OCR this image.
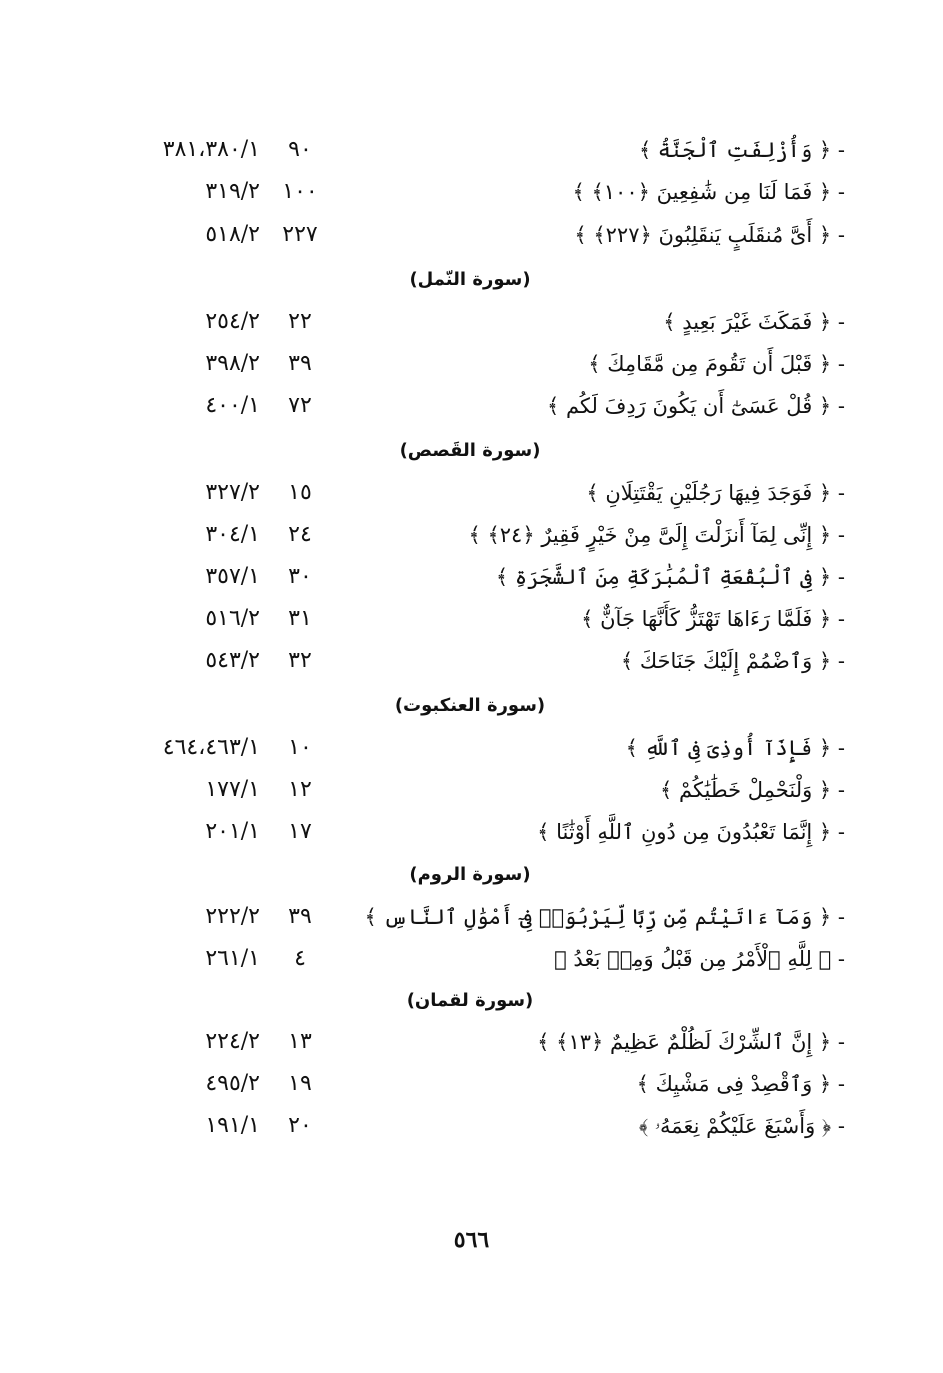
- ﴿ وَأُزْلِفَتِ ٱلْجَنَّةُ ﴾
٩٠
٣٨١،٣٨٠/١
- ﴿ فَمَا لَنَا مِن شَٰفِعِينَ ﴿١٠٠﴾ ﴾
١٠٠
٣١٩/٢
- ﴿ أَىَّ مُنقَلَبٍ يَنقَلِبُونَ ﴿٢٢٧﴾ ﴾
٢٢٧
٥١٨/٢
(سورة النّمل)
- ﴿ فَمَكَثَ غَيْرَ بَعِيدٍ ﴾
٢٢
٢٥٤/٢
- ﴿ قَبْلَ أَن تَقُومَ مِن مَّقَامِكَ ﴾
٣٩
٣٩٨/٢
- ﴿ قُلْ عَسَىٰٓ أَن يَكُونَ رَدِفَ لَكُم ﴾
٧٢
٤٠٠/١
(سورة القَصص)
- ﴿ فَوَجَدَ فِيهَا رَجُلَيْنِ يَقْتَتِلَانِ ﴾
١٥
٣٢٧/٢
- ﴿ إِنِّى لِمَآ أَنزَلْتَ إِلَىَّ مِنْ خَيْرٍ فَقِيرٌ ﴿٢٤﴾ ﴾
٢٤
٣٠٤/١
- ﴿ فِى ٱلْبُقْعَةِ ٱلْمُبَٰرَكَةِ مِنَ ٱلشَّجَرَةِ ﴾
٣٠
٣٥٧/١
- ﴿ فَلَمَّا رَءَاهَا تَهْتَزُّ كَأَنَّهَا جَآنٌّ ﴾
٣١
٥١٦/٢
- ﴿ وَٱضْمُمْ إِلَيْكَ جَنَاحَكَ ﴾
٣٢
٥٤٣/٢
(سورة العنكبوت)
- ﴿ فَإِذَآ أُوذِىَ فِى ٱللَّهِ ﴾
١٠
٤٦٤،٤٦٣/١
- ﴿ وَلْنَحْمِلْ خَطَٰيَٰكُمْ ﴾
١٢
١٧٧/١
- ﴿ إِنَّمَا تَعْبُدُونَ مِن دُونِ ٱللَّهِ أَوْثَٰنًا ﴾
١٧
٢٠١/١
(سورة الروم)
- ﴿ وَمَآ ءَاتَيْتُم مِّن رِّبًا لِّيَرْبُوَا۟ فِىٓ أَمْوَٰلِ ٱلنَّاسِ ﴾
٣٩
٢٢٢/٢
- ﴿ لِلَّهِ ٱلْأَمْرُ مِن قَبْلُ وَمِنۢ بَعْدُ ﴾
٤
٢٦١/١
(سورة لقمان)
- ﴿ إِنَّ ٱلشِّرْكَ لَظُلْمٌ عَظِيمٌ ﴿١٣﴾ ﴾
١٣
٢٢٤/٢
- ﴿ وَٱقْصِدْ فِى مَشْيِكَ ﴾
١٩
٤٩٥/٢
- ﴿ وَأَسْبَغَ عَلَيْكُمْ نِعَمَهُۥ ﴾
٢٠
١٩١/١
٥٦٦
